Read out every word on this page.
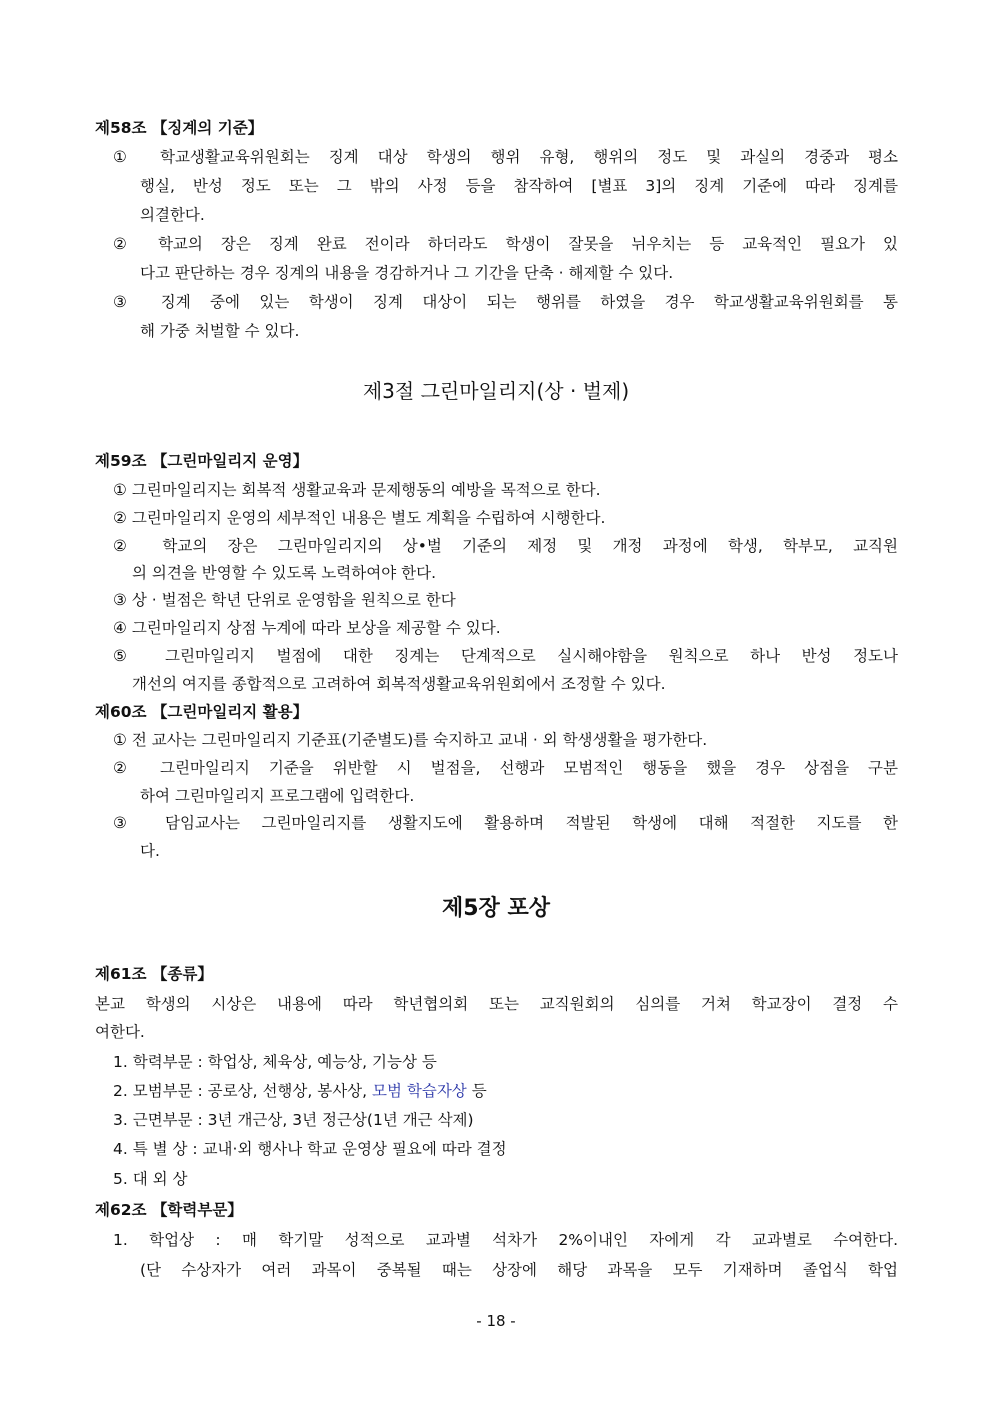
제58조 【징계의 기준】
① 학교생활교육위원회는 징계 대상 학생의 행위 유형, 행위의 정도 및 과실의 경중과 평소
행실, 반성 정도 또는 그 밖의 사정 등을 참작하여 [별표 3]의 징계 기준에 따라 징계를
의결한다.
② 학교의 장은 징계 완료 전이라 하더라도 학생이 잘못을 뉘우치는 등 교육적인 필요가 있
다고 판단하는 경우 징계의 내용을 경감하거나 그 기간을 단축 · 해제할 수 있다.
③ 징계 중에 있는 학생이 징계 대상이 되는 행위를 하였을 경우 학교생활교육위원회를 통
해 가중 처벌할 수 있다.
제3절 그린마일리지(상 · 벌제)
제59조 【그린마일리지 운영】
① 그린마일리지는 회복적 생활교육과 문제행동의 예방을 목적으로 한다.
② 그린마일리지 운영의 세부적인 내용은 별도 계획을 수립하여 시행한다.
② 학교의 장은 그린마일리지의 상•벌 기준의 제정 및 개정 과정에 학생, 학부모, 교직원
의 의견을 반영할 수 있도록 노력하여야 한다.
③ 상 · 벌점은 학년 단위로 운영함을 원칙으로 한다
④ 그린마일리지 상점 누계에 따라 보상을 제공할 수 있다.
⑤ 그린마일리지 벌점에 대한 징계는 단계적으로 실시해야함을 원칙으로 하나 반성 정도나
개선의 여지를 종합적으로 고려하여 회복적생활교육위원회에서 조정할 수 있다.
제60조 【그린마일리지 활용】
① 전 교사는 그린마일리지 기준표(기준별도)를 숙지하고 교내 · 외 학생생활을 평가한다.
② 그린마일리지 기준을 위반할 시 벌점을, 선행과 모범적인 행동을 했을 경우 상점을 구분
하여 그린마일리지 프로그램에 입력한다.
③ 담임교사는 그린마일리지를 생활지도에 활용하며 적발된 학생에 대해 적절한 지도를 한
다.
제5장 포상
제61조 【종류】
본교 학생의 시상은 내용에 따라 학년협의회 또는 교직원회의 심의를 거쳐 학교장이 결정 수
여한다.
1. 학력부문 : 학업상, 체육상, 예능상, 기능상 등
2. 모범부문 : 공로상, 선행상, 봉사상, 모범 학습자상 등
3. 근면부문 : 3년 개근상, 3년 정근상(1년 개근 삭제)
4. 특 별 상 : 교내·외 행사나 학교 운영상 필요에 따라 결정
5. 대 외 상
제62조 【학력부문】
1. 학업상 : 매 학기말 성적으로 교과별 석차가 2%이내인 자에게 각 교과별로 수여한다.
(단 수상자가 여러 과목이 중복될 때는 상장에 해당 과목을 모두 기재하며 졸업식 학업
- 18 -
